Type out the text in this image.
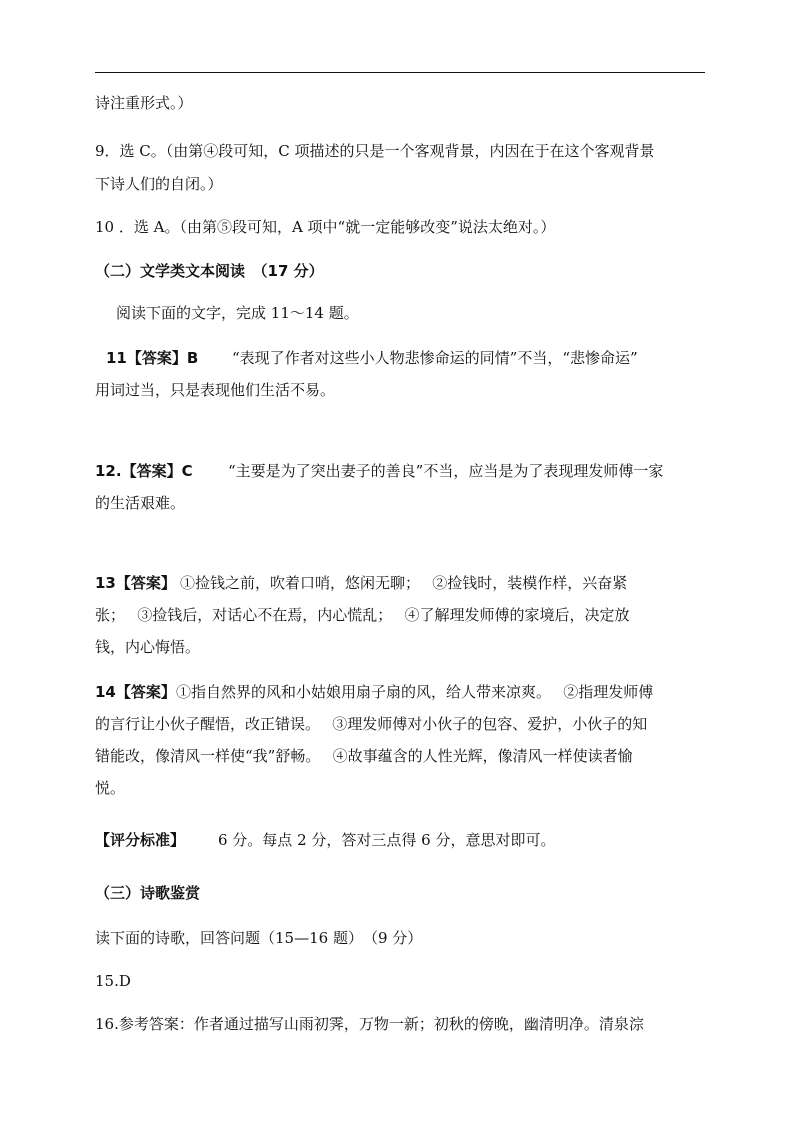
诗注重形式。）
9．选 C。（由第④段可知，C 项描述的只是一个客观背景，内因在于在这个客观背景
下诗人们的自闭。）
10 ．选 A。（由第⑤段可知，A 项中“就一定能够改变”说法太绝对。）
（二）文学类文本阅读　（17 分）
阅读下面的文字，完成 11～14 题。
11【答案】B “表现了作者对这些小人物悲惨命运的同情”不当，“悲惨命运”
用词过当，只是表现他们生活不易。
12.【答案】C “主要是为了突出妻子的善良”不当，应当是为了表现理发师傅一家
的生活艰难。
13【答案】 ①捡钱之前，吹着口哨，悠闲无聊；　 ②捡钱时，装模作样，兴奋紧
张；　 ③捡钱后，对话心不在焉，内心慌乱；　 ④了解理发师傅的家境后，决定放
钱，内心悔悟。
14【答案】 ①指自然界的风和小姑娘用扇子扇的风，给人带来凉爽。　 ②指理发师傅
的言行让小伙子醒悟，改正错误。　 ③理发师傅对小伙子的包容、爱护，小伙子的知
错能改，像清风一样使“我”舒畅。　 ④故事蕴含的人性光辉，像清风一样使读者愉
悦。
【评分标准】 6 分。每点 2 分，答对三点得 6 分，意思对即可。
（三）诗歌鉴赏
读下面的诗歌，回答问题（15—16 题）　（9 分）
15.D
16.参考答案：作者通过描写山雨初霁，万物一新；初秋的傍晚，幽清明净。清泉淙
